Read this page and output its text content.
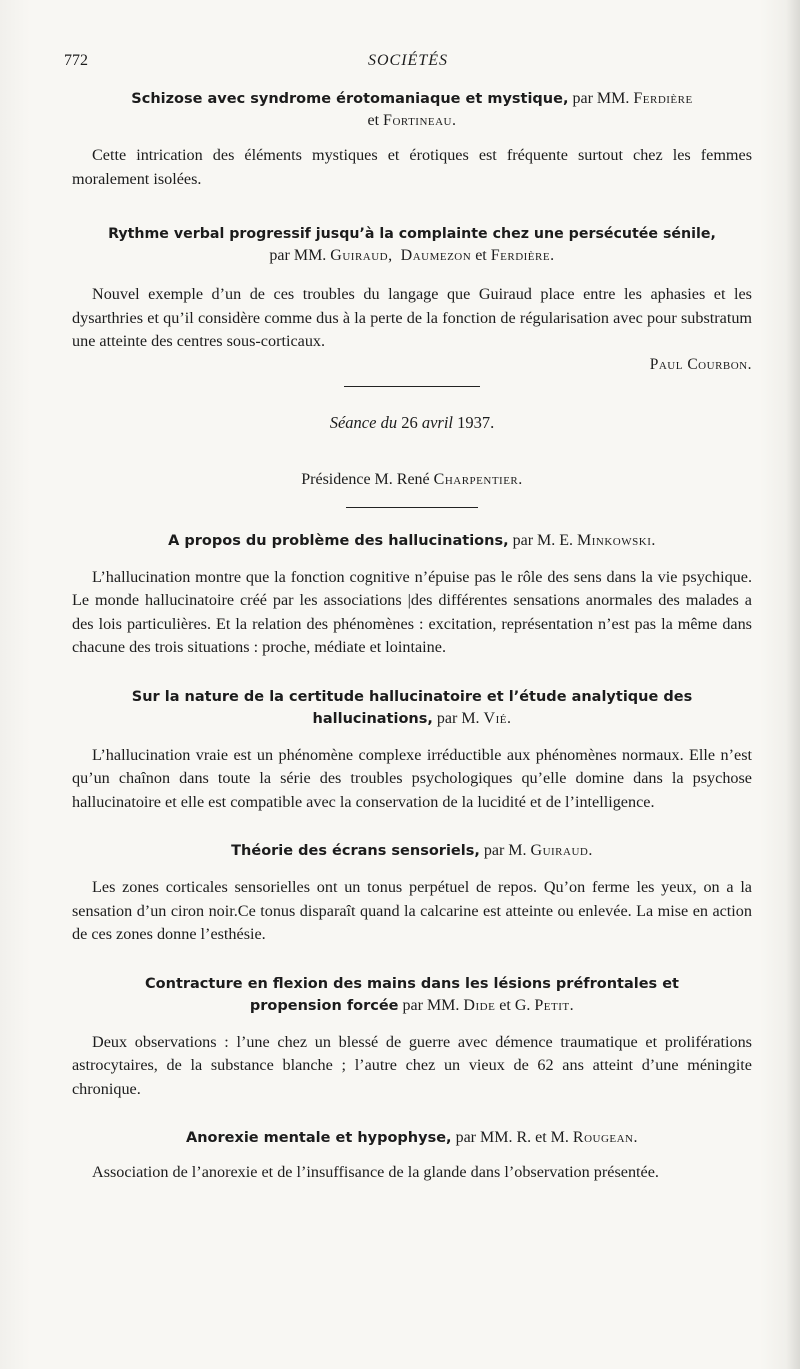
772	SOCIÉTÉS
Schizose avec syndrome érotomaniaque et mystique, par MM. Ferdière
et Fortineau.

Cette intrication des éléments mystiques et érotiques est fréquente surtout chez les femmes moralement isolées.

Rythme verbal progressif jusqu’à la complainte chez une persécutée sénile,
par MM. Guiraud, Daumezon et Ferdière.

Nouvel exemple d’un de ces troubles du langage que Guiraud place entre les aphasies et les dysarthries et qu’il considère comme dus à la perte de la fonction de régularisation avec pour substratum une atteinte des centres sous-corticaux.

Paul Courbon.
Séance du 26 avril 1937.
Présidence M. René Charpentier.
A propos du problème des hallucinations, par M. E. Minkowski.

L’hallucination montre que la fonction cognitive n’épuise pas le rôle des sens dans la vie psychique. Le monde hallucinatoire créé par les associations |des différentes sensations anormales des malades a des lois particulières. Et la relation des phénomènes : excitation, représentation n’est pas la même dans chacune des trois situations : proche, médiate et lointaine.

Sur la nature de la certitude hallucinatoire et l’étude analytique des
hallucinations, par M. Vié.

L’hallucination vraie est un phénomène complexe irréductible aux phénomènes normaux. Elle n’est qu’un chaînon dans toute la série des troubles psychologiques qu’elle domine dans la psychose hallucinatoire et elle est compatible avec la conservation de la lucidité et de l’intelligence.

Théorie des écrans sensoriels, par M. Guiraud.

Les zones corticales sensorielles ont un tonus perpétuel de repos. Qu’on ferme les yeux, on a la sensation d’un ciron noir.Ce tonus disparaît quand la calcarine est atteinte ou enlevée. La mise en action de ces zones donne l’esthésie.

Contracture en flexion des mains dans les lésions préfrontales et
propension forcée par MM. Dide et G. Petit.

Deux observations : l’une chez un blessé de guerre avec démence traumatique et proliférations astrocytaires, de la substance blanche ; l’autre chez un vieux de 62 ans atteint d’une méningite chronique.

Anorexie mentale et hypophyse, par MM. R. et M. Rougean.

Association de l’anorexie et de l’insuffisance de la glande dans l’observation présentée.
